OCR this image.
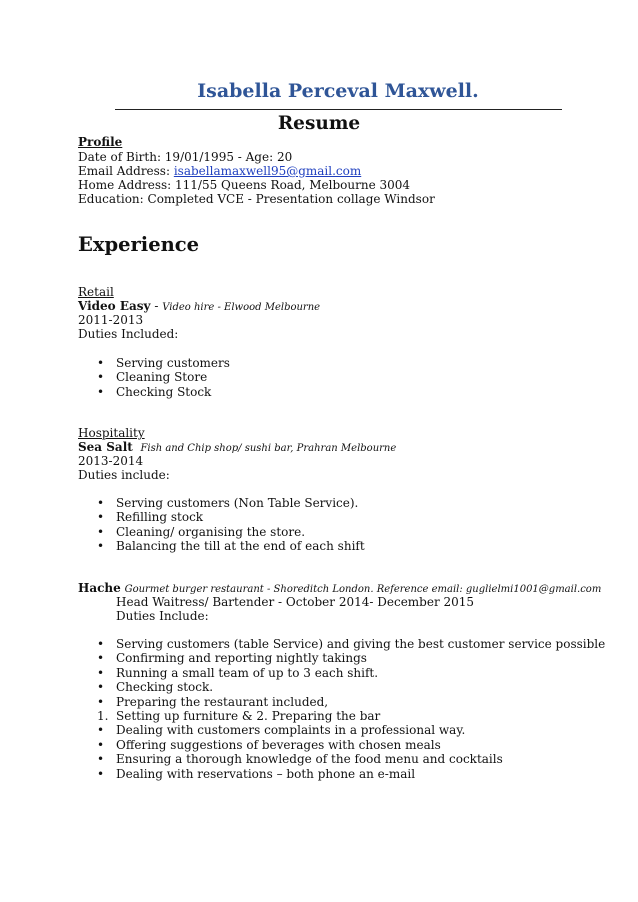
Isabella Perceval Maxwell.
Resume
Profile
Date of Birth: 19/01/1995 - Age: 20
Email Address: isabellamaxwell95@gmail.com
Home Address: 111/55 Queens Road, Melbourne 3004
Education: Completed VCE - Presentation collage Windsor
Experience
Retail
Video Easy - Video hire - Elwood Melbourne
2011-2013
Duties Included:
• Serving customers
• Cleaning Store
• Checking Stock
Hospitality
Sea Salt Fish and Chip shop/ sushi bar, Prahran Melbourne
2013-2014
Duties include:
• Serving customers (Non Table Service).
• Refilling stock
• Cleaning/ organising the store.
• Balancing the till at the end of each shift
Hache Gourmet burger restaurant - Shoreditch London. Reference email: guglielmi1001@gmail.com
Head Waitress/ Bartender - October 2014- December 2015
Duties Include:
• Serving customers (table Service) and giving the best customer service possible
• Confirming and reporting nightly takings
• Running a small team of up to 3 each shift.
• Checking stock.
• Preparing the restaurant included,
1. Setting up furniture & 2. Preparing the bar
• Dealing with customers complaints in a professional way.
• Offering suggestions of beverages with chosen meals
• Ensuring a thorough knowledge of the food menu and cocktails
• Dealing with reservations – both phone an e-mail
